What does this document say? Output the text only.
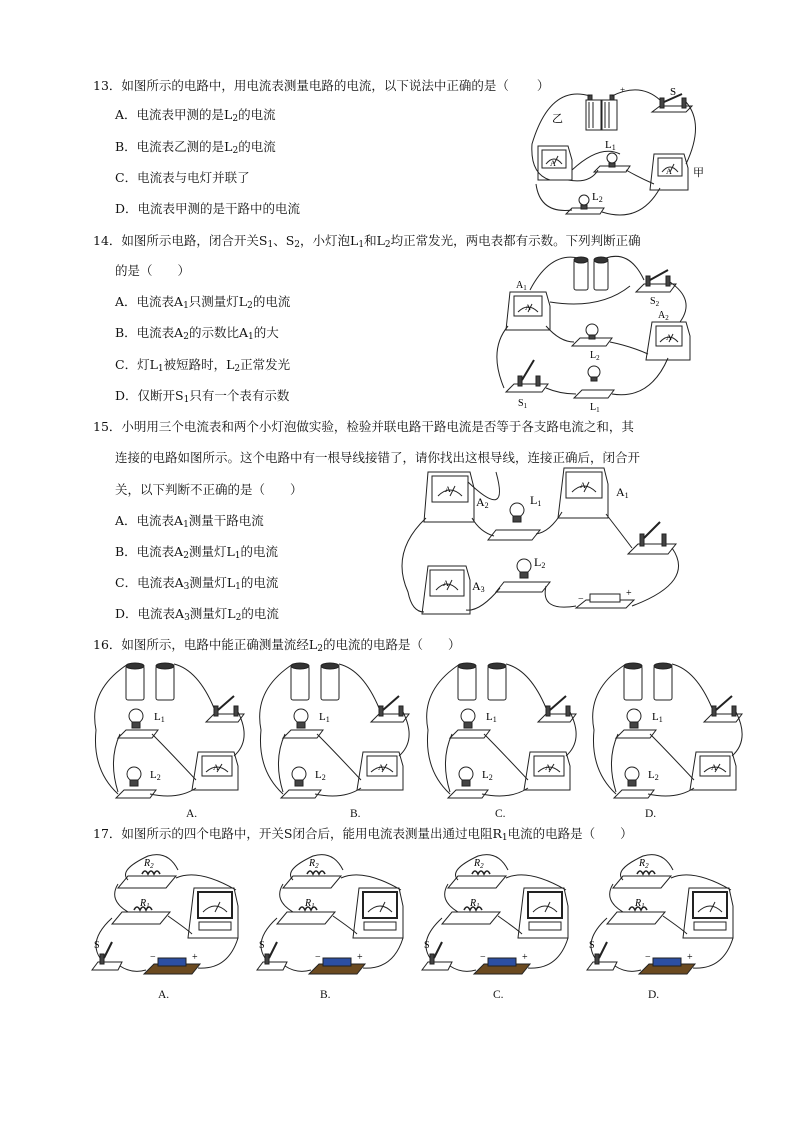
13．如图所示的电路中，用电流表测量电路的电流，以下说法中正确的是（ ）
A．电流表甲测的是$L_2$的电流
B．电流表乙测的是$L_2$的电流
C．电流表与电灯并联了
D．电流表甲测的是干路中的电流
S
+
乙
甲
L1
L2
A
A
14．如图所示电路，闭合开关$S_1$、$S_2$，小灯泡$L_1$和$L_2$均正常发光，两电表都有示数。下列判断正确
的是（　　）
A．电流表$A_1$只测量灯$L_2$的电流
B．电流表$A_2$的示数比$A_1$的大
C．灯$L_1$被短路时，$L_2$正常发光
D．仅断开$S_1$只有一个表有示数
$A_1$
$A_2$
$S_2$
$S_1$
$L_2$
$L_1$
A
A
15．小明用三个电流表和两个小灯泡做实验，检验并联电路干路电流是否等于各支路电流之和，其
连接的电路如图所示。这个电路中有一根导线接错了，请你找出这根导线，连接正确后，闭合开
关，以下判断不正确的是（　　）
A．电流表$A_1$测量干路电流
B．电流表$A_2$测量灯$L_1$的电流
C．电流表$A_3$测量灯$L_1$的电流
D．电流表$A_3$测量灯$L_2$的电流
A2	L1
A1
L2
A3
−
+
A	A
A
16．如图所示，电路中能正确测量流经$L_2$的电流的电路是（　　）
L1
L2
L1
L2
L1
L2
L1
L2
A	A	A	A
A.	B.	C.	D.
17．如图所示的四个电路中，开关S闭合后，能用电流表测量出通过电阻$R_1$电流的电路是（　　）
$R_2$
$R_1$
$R_2$
$R_1$
$R_2$
$R_1$
$R_2$
$R_1$
S	S	S	S
−	+	−	+	−	+	−	+
A.	B.	C.	D.
